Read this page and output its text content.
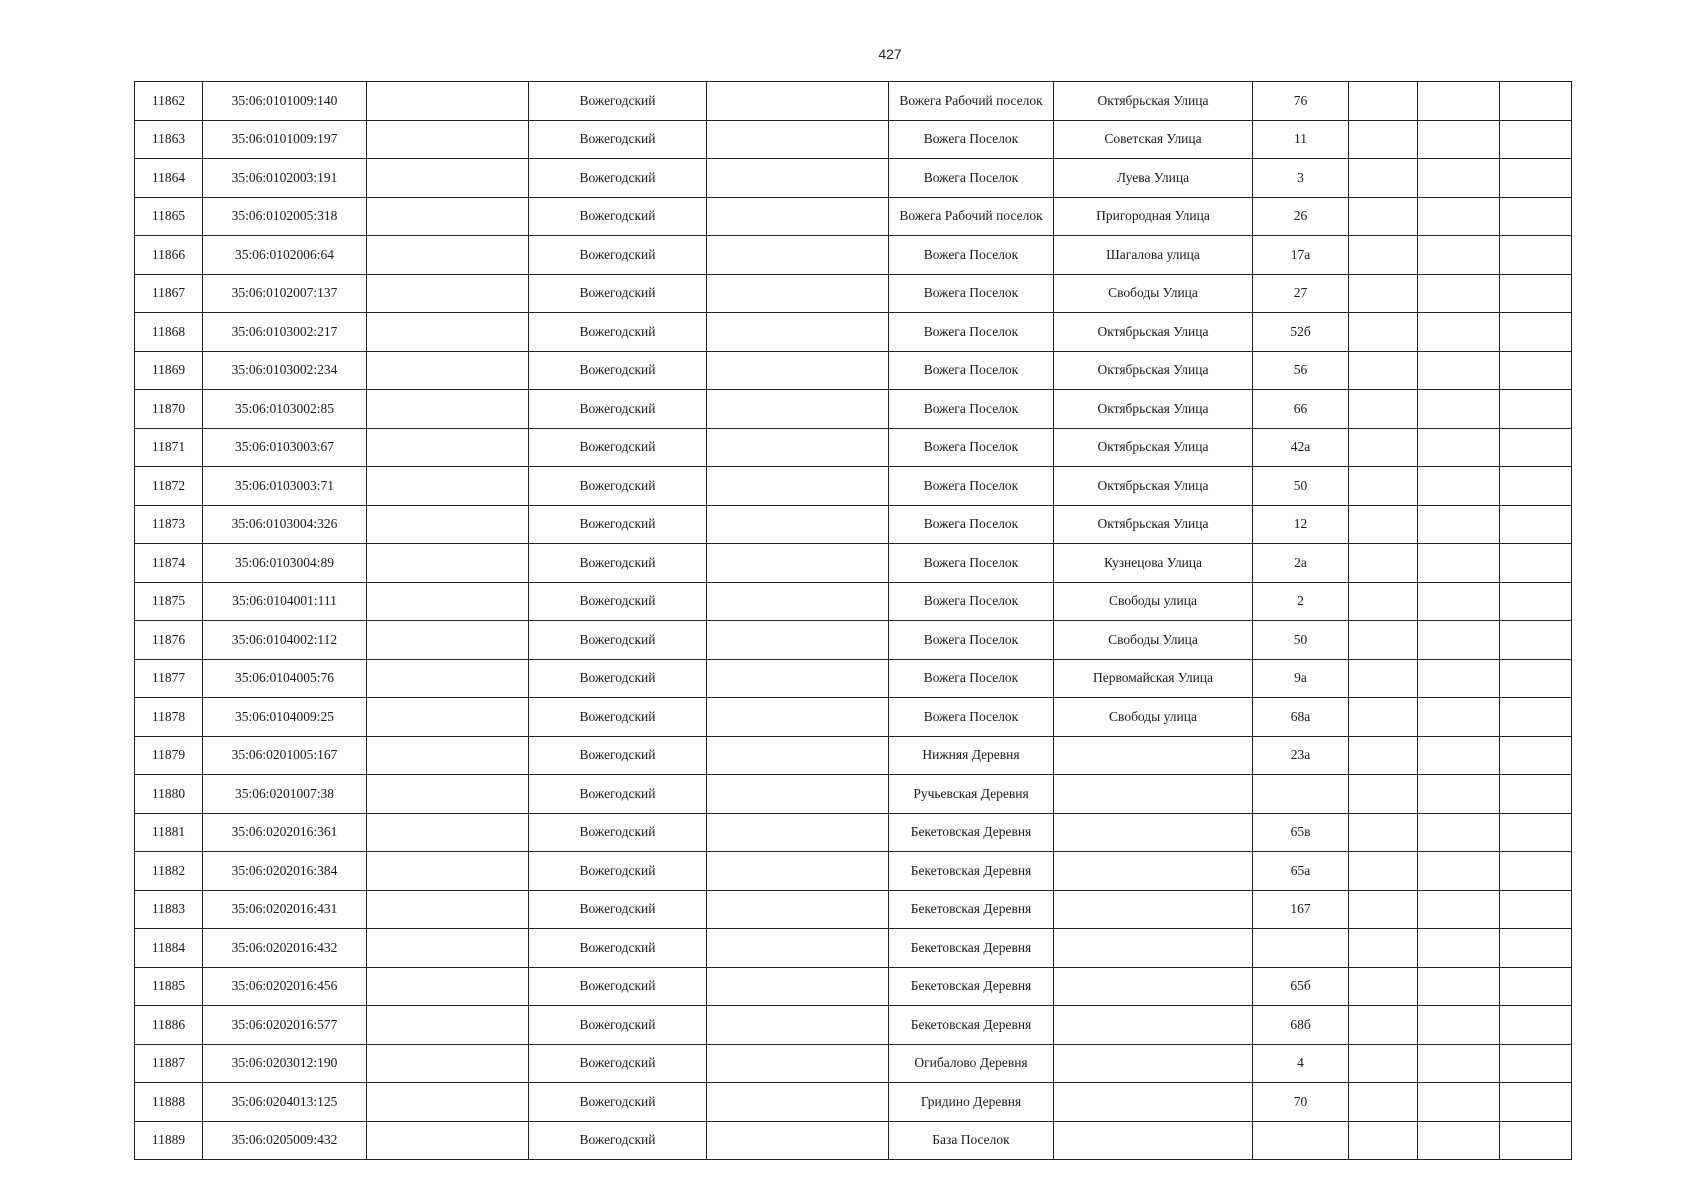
427
11862	35:06:0101009:140		Вожегодский		Вожега Рабочий поселок	Октябрьская Улица	76			
11863	35:06:0101009:197		Вожегодский		Вожега Поселок	Советская Улица	11			
11864	35:06:0102003:191		Вожегодский		Вожега Поселок	Луева Улица	3			
11865	35:06:0102005:318		Вожегодский		Вожега Рабочий поселок	Пригородная Улица	26			
11866	35:06:0102006:64		Вожегодский		Вожега Поселок	Шагалова улица	17а			
11867	35:06:0102007:137		Вожегодский		Вожега Поселок	Свободы Улица	27			
11868	35:06:0103002:217		Вожегодский		Вожега Поселок	Октябрьская Улица	52б			
11869	35:06:0103002:234		Вожегодский		Вожега Поселок	Октябрьская Улица	56			
11870	35:06:0103002:85		Вожегодский		Вожега Поселок	Октябрьская Улица	66			
11871	35:06:0103003:67		Вожегодский		Вожега Поселок	Октябрьская Улица	42а			
11872	35:06:0103003:71		Вожегодский		Вожега Поселок	Октябрьская Улица	50			
11873	35:06:0103004:326		Вожегодский		Вожега Поселок	Октябрьская Улица	12			
11874	35:06:0103004:89		Вожегодский		Вожега Поселок	Кузнецова Улица	2а			
11875	35:06:0104001:111		Вожегодский		Вожега Поселок	Свободы улица	2			
11876	35:06:0104002:112		Вожегодский		Вожега Поселок	Свободы Улица	50			
11877	35:06:0104005:76		Вожегодский		Вожега Поселок	Первомайская Улица	9а			
11878	35:06:0104009:25		Вожегодский		Вожега Поселок	Свободы улица	68а			
11879	35:06:0201005:167		Вожегодский		Нижняя Деревня		23а			
11880	35:06:0201007:38		Вожегодский		Ручьевская Деревня					
11881	35:06:0202016:361		Вожегодский		Бекетовская Деревня		65в			
11882	35:06:0202016:384		Вожегодский		Бекетовская Деревня		65а			
11883	35:06:0202016:431		Вожегодский		Бекетовская Деревня		167			
11884	35:06:0202016:432		Вожегодский		Бекетовская Деревня					
11885	35:06:0202016:456		Вожегодский		Бекетовская Деревня		65б			
11886	35:06:0202016:577		Вожегодский		Бекетовская Деревня		68б			
11887	35:06:0203012:190		Вожегодский		Огибалово Деревня		4			
11888	35:06:0204013:125		Вожегодский		Гридино Деревня		70			
11889	35:06:0205009:432		Вожегодский		База Поселок					
